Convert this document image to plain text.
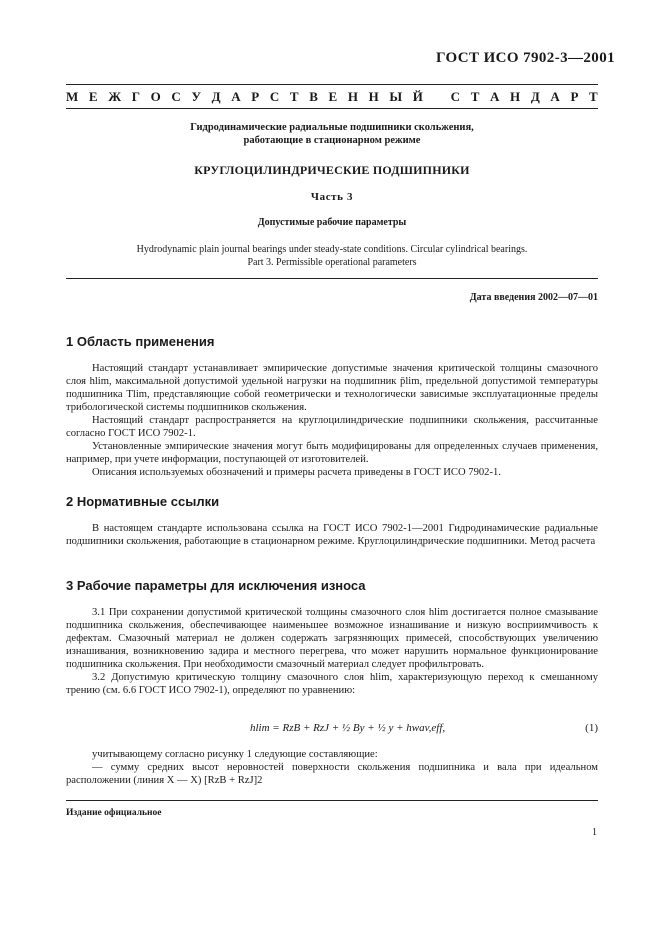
ГОСТ ИСО 7902-3—2001
М Е Ж Г О С У Д А Р С Т В Е Н Н Ы Й
С Т А Н Д А Р Т
Гидродинамические радиальные подшипники скольжения,
работающие в стационарном режиме
КРУГЛОЦИЛИНДРИЧЕСКИЕ ПОДШИПНИКИ
Часть 3
Допустимые рабочие параметры
Hydrodynamic plain journal bearings under steady-state conditions. Circular cylindrical bearings.
Part 3. Permissible operational parameters
Дата введения 2002—07—01
1 Область применения

Настоящий стандарт устанавливает эмпирические допустимые значения критической толщины смазочного слоя hlim, максимальной допустимой удельной нагрузки на подшипник p̄lim, предельной допустимой температуры подшипника Tlim, представляющие собой геометрически и технологически зависимые эксплуатационные пределы трибологической системы подшипников скольжения.

Настоящий стандарт распространяется на круглоцилиндрические подшипники скольжения, рассчитанные согласно ГОСТ ИСО 7902-1.

Установленные эмпирические значения могут быть модифицированы для определенных случаев применения, например, при учете информации, поступающей от изготовителей.

Описания используемых обозначений и примеры расчета приведены в ГОСТ ИСО 7902-1.

2 Нормативные ссылки

В настоящем стандарте использована ссылка на ГОСТ ИСО 7902-1—2001 Гидродинамические радиальные подшипники скольжения, работающие в стационарном режиме. Круглоцилиндрические подшипники. Метод расчета

3 Рабочие параметры для исключения износа

3.1 При сохранении допустимой критической толщины смазочного слоя hlim достигается полное смазывание подшипника скольжения, обеспечивающее наименьшее возможное изнашивание и низкую восприимчивость к дефектам. Смазочный материал не должен содержать загрязняющих примесей, способствующих увеличению изнашивания, возникновению задира и местного перегрева, что может нарушить нормальное функционирование подшипника скольжения. При необходимости смазочный материал следует профильтровать.

3.2 Допустимую критическую толщину смазочного слоя hlim, характеризующую переход к смешанному трению (см. 6.6 ГОСТ ИСО 7902-1), определяют по уравнению:

hlim = RzB + RzJ + ½ By + ½ y + hwav,eff,	(1)

учитывающему согласно рисунку 1 следующие составляющие:

— сумму средних высот неровностей поверхности скольжения подшипника и вала при идеальном расположении (линия X — X) [RzB + RzJ]2

Издание официальное
1
